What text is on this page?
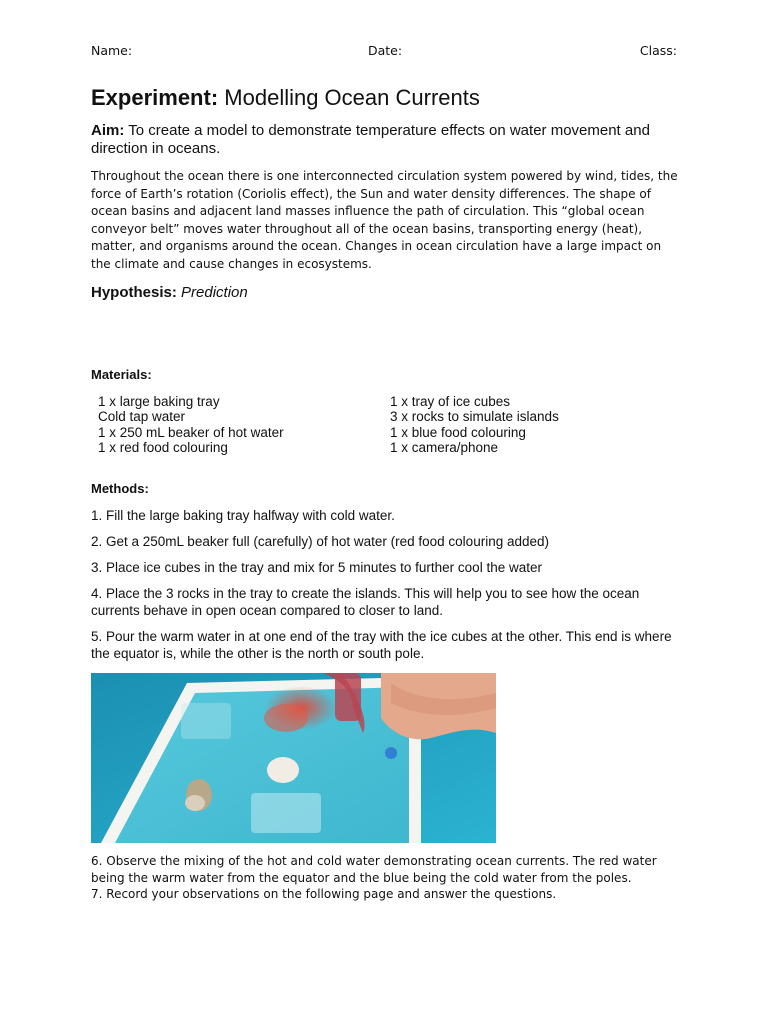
Name:	Date:	Class:
Experiment: Modelling Ocean Currents
Aim: To create a model to demonstrate temperature effects on water movement and direction in oceans.
Throughout the ocean there is one interconnected circulation system powered by wind, tides, the force of Earth’s rotation (Coriolis effect), the Sun and water density differences. The shape of ocean basins and adjacent land masses influence the path of circulation. This “global ocean conveyor belt” moves water throughout all of the ocean basins, transporting energy (heat), matter, and organisms around the ocean. Changes in ocean circulation have a large impact on the climate and cause changes in ecosystems.
Hypothesis: Prediction
Materials:
1 x large baking tray
Cold tap water
1 x 250 mL beaker of hot water
1 x red food colouring
1 x tray of ice cubes
3 x rocks to simulate islands
1 x blue food colouring
1 x camera/phone
Methods:
1. Fill the large baking tray halfway with cold water.
2. Get a 250mL beaker full (carefully) of hot water (red food colouring added)
3. Place ice cubes in the tray and mix for 5 minutes to further cool the water
4. Place the 3 rocks in the tray to create the islands. This will help you to see how the ocean currents behave in open ocean compared to closer to land.
5. Pour the warm water in at one end of the tray with the ice cubes at the other. This end is where the equator is, while the other is the north or south pole.
6. Observe the mixing of the hot and cold water demonstrating ocean currents. The red water being the warm water from the equator and the blue being the cold water from the poles.
7. Record your observations on the following page and answer the questions.
